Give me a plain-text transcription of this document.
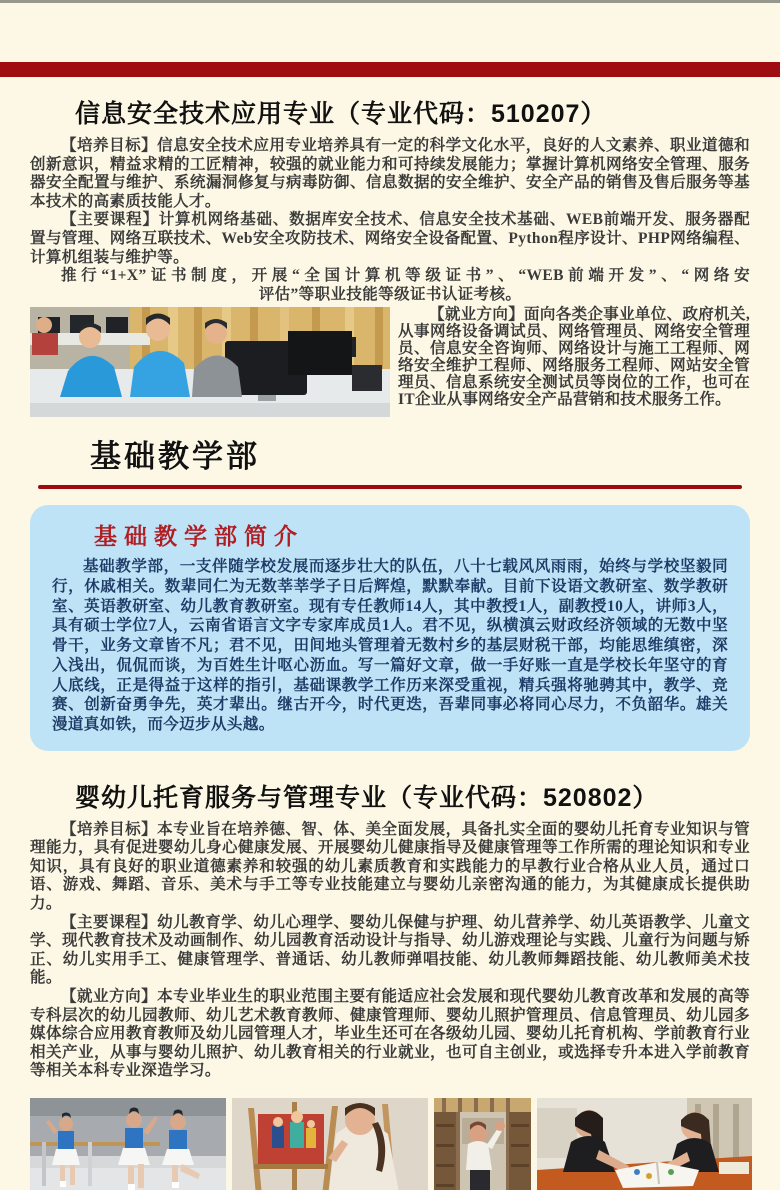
信息安全技术应用专业（专业代码：510207）

【培养目标】信息安全技术应用专业培养具有一定的科学文化水平，良好的人文素养、职业道德和创新意识，精益求精的工匠精神，较强的就业能力和可持续发展能力；掌握计算机网络安全管理、服务器安全配置与维护、系统漏洞修复与病毒防御、信息数据的安全维护、安全产品的销售及售后服务等基本技术的高素质技能人才。

【主要课程】计算机网络基础、数据库安全技术、信息安全技术基础、WEB前端开发、服务器配置与管理、网络互联技术、Web安全攻防技术、网络安全设备配置、Python程序设计、PHP网络编程、计算机组装与维护等。

推行“1+X”证书制度，开展“全国计算机等级证书”、“WEB前端开发”、“网络安

评估”等职业技能等级证书认证考核。

【就业方向】面向各类企事业单位、政府机关,从事网络设备调试员、网络管理员、网络安全管理员、信息安全咨询师、网络设计与施工工程师、网络安全维护工程师、网络服务工程师、网站安全管理员、信息系统安全测试员等岗位的工作，也可在IT企业从事网络安全产品营销和技术服务工作。

基础教学部
基础教学部简介

基础教学部，一支伴随学校发展而逐步壮大的队伍，八十七载风风雨雨，始终与学校坚毅同行，休戚相关。数辈同仁为无数莘莘学子日后辉煌，默默奉献。目前下设语文教研室、数学教研室、英语教研室、幼儿教育教研室。现有专任教师14人，其中教授1人，副教授10人，讲师3人，具有硕士学位7人，云南省语言文字专家库成员1人。君不见，纵横滇云财政经济领域的无数中坚骨干，业务文章皆不凡；君不见，田间地头管理着无数村乡的基层财税干部，均能思维缜密，深入浅出，侃侃而谈，为百姓生计呕心沥血。写一篇好文章，做一手好账一直是学校长年坚守的育人底线，正是得益于这样的指引，基础课教学工作历来深受重视，精兵强将驰骋其中，教学、竞赛、创新奋勇争先，英才辈出。继古开今，时代更迭，吾辈同事必将同心尽力，不负韶华。雄关漫道真如铁，而今迈步从头越。

婴幼儿托育服务与管理专业（专业代码：520802）

【培养目标】本专业旨在培养德、智、体、美全面发展，具备扎实全面的婴幼儿托育专业知识与管理能力，具有促进婴幼儿身心健康发展、开展婴幼儿健康指导及健康管理等工作所需的理论知识和专业知识，具有良好的职业道德素养和较强的幼儿素质教育和实践能力的早教行业合格从业人员，通过口语、游戏、舞蹈、音乐、美术与手工等专业技能建立与婴幼儿亲密沟通的能力，为其健康成长提供助力。

【主要课程】幼儿教育学、幼儿心理学、婴幼儿保健与护理、幼儿营养学、幼儿英语教学、儿童文学、现代教育技术及动画制作、幼儿园教育活动设计与指导、幼儿游戏理论与实践、儿童行为问题与矫正、幼儿实用手工、健康管理学、普通话、幼儿教师弹唱技能、幼儿教师舞蹈技能、幼儿教师美术技能。

【就业方向】本专业毕业生的职业范围主要有能适应社会发展和现代婴幼儿教育改革和发展的高等专科层次的幼儿园教师、幼儿艺术教育教师、健康管理师、婴幼儿照护管理员、信息管理员、幼儿园多媒体综合应用教育教师及幼儿园管理人才，毕业生还可在各级幼儿园、婴幼儿托育机构、学前教育行业相关产业，从事与婴幼儿照护、幼儿教育相关的行业就业，也可自主创业，或选择专升本进入学前教育等相关本科专业深造学习。
